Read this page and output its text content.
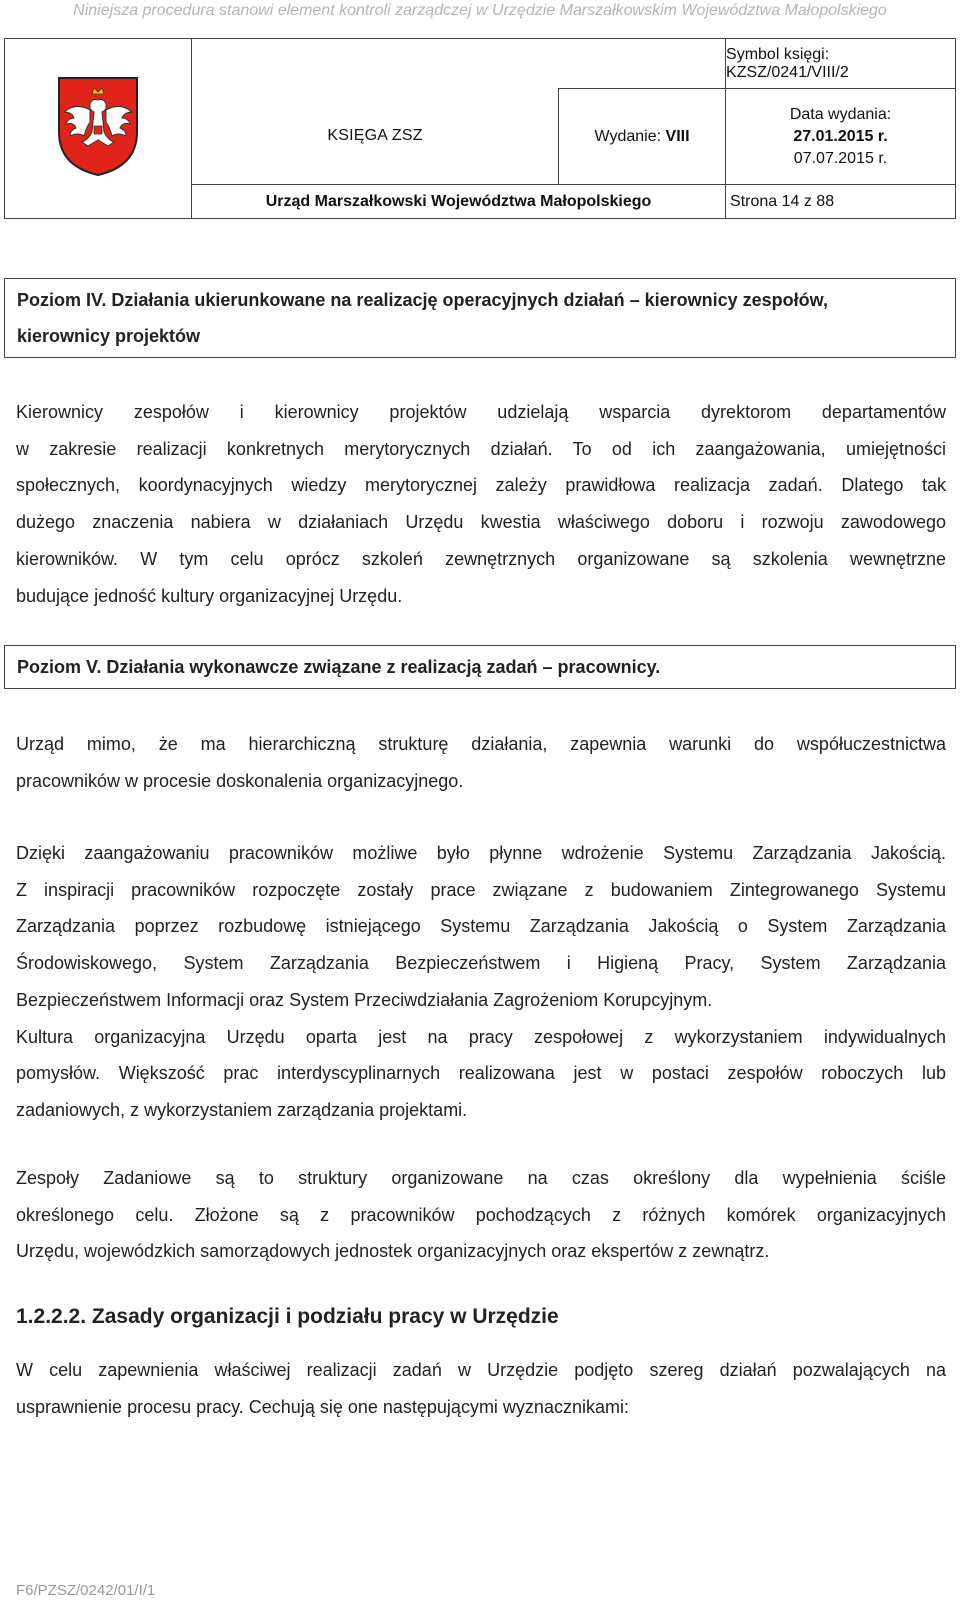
Niniejsza procedura stanowi element kontroli zarządczej w Urzędzie Marszałkowskim Województwa Małopolskiego

Symbol księgi: KZSZ/0241/VIII/2

	KSIĘGA ZSZ	Wydanie: VIII	Data wydania:
27.01.2015 r.
07.07.2015 r.

	Urząd Marszałkowski Województwa Małopolskiego		Strona 14 z 88
Poziom IV. Działania ukierunkowane na realizację operacyjnych działań – kierownicy zespołów,
kierownicy projektów

Kierownicy zespołów i kierownicy projektów udzielają wsparcia dyrektorom departamentów
w zakresie realizacji konkretnych merytorycznych działań. To od ich zaangażowania, umiejętności
społecznych, koordynacyjnych wiedzy merytorycznej zależy prawidłowa realizacja zadań. Dlatego tak
dużego znaczenia nabiera w działaniach Urzędu kwestia właściwego doboru i rozwoju zawodowego
kierowników. W tym celu oprócz szkoleń zewnętrznych organizowane są szkolenia wewnętrzne
budujące jedność kultury organizacyjnej Urzędu.

Poziom V. Działania wykonawcze związane z realizacją zadań – pracownicy.

Urząd mimo, że ma hierarchiczną strukturę działania, zapewnia warunki do współuczestnictwa
pracowników w procesie doskonalenia organizacyjnego.

Dzięki zaangażowaniu pracowników możliwe było płynne wdrożenie Systemu Zarządzania Jakością.
Z inspiracji pracowników rozpoczęte zostały prace związane z budowaniem Zintegrowanego Systemu
Zarządzania poprzez rozbudowę istniejącego Systemu Zarządzania Jakością o System Zarządzania
Środowiskowego, System Zarządzania Bezpieczeństwem i Higieną Pracy, System Zarządzania
Bezpieczeństwem Informacji oraz System Przeciwdziałania Zagrożeniom Korupcyjnym.
Kultura organizacyjna Urzędu oparta jest na pracy zespołowej z wykorzystaniem indywidualnych
pomysłów. Większość prac interdyscyplinarnych realizowana jest w postaci zespołów roboczych lub
zadaniowych, z wykorzystaniem zarządzania projektami.

Zespoły Zadaniowe są to struktury organizowane na czas określony dla wypełnienia ściśle
określonego celu. Złożone są z pracowników pochodzących z różnych komórek organizacyjnych
Urzędu, wojewódzkich samorządowych jednostek organizacyjnych oraz ekspertów z zewnątrz.

1.2.2.2. Zasady organizacji i podziału pracy w Urzędzie

W celu zapewnienia właściwej realizacji zadań w Urzędzie podjęto szereg działań pozwalających na
usprawnienie procesu pracy. Cechują się one następującymi wyznacznikami:

F6/PZSZ/0242/01/I/1
